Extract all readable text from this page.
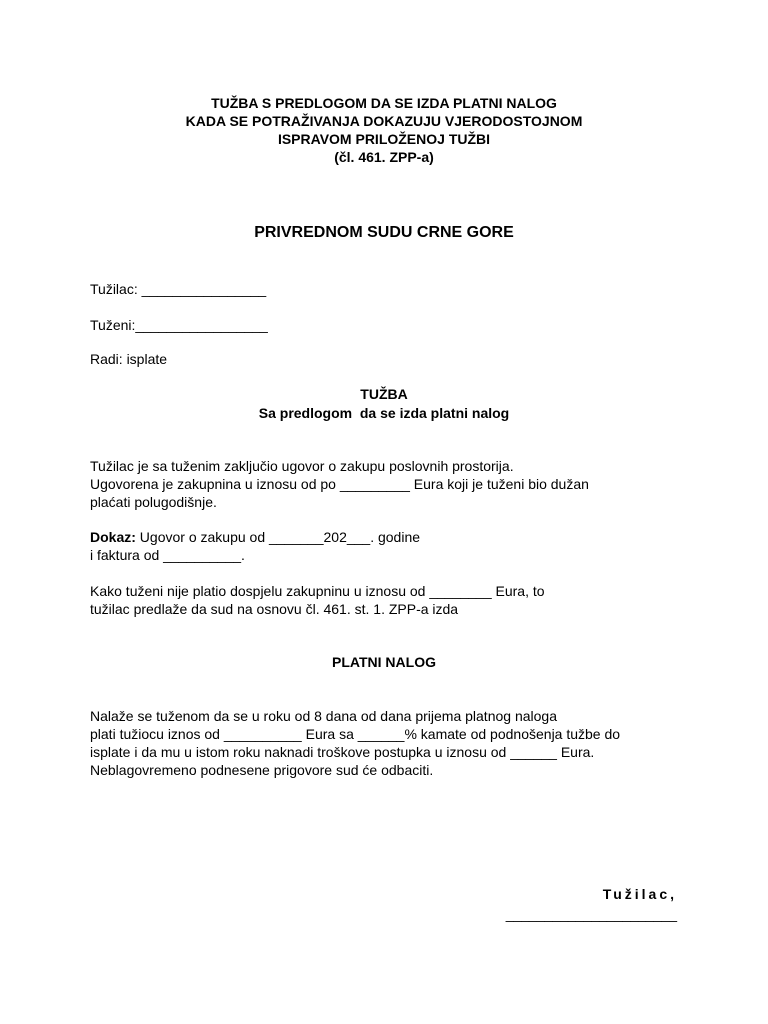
TUŽBA S PREDLOGOM DA SE IZDA PLATNI NALOG
KADA SE POTRAŽIVANJA DOKAZUJU VJERODOSTOJNOM
ISPRAVOM PRILOŽENOJ TUŽBI
(čl. 461. ZPP-a)
PRIVREDNOM SUDU CRNE GORE
Tužilac: ________________
Tuženi:_________________
Radi: isplate
TUŽBA
Sa predlogom  da se izda platni nalog
Tužilac je sa tuženim zaključio ugovor o zakupu poslovnih prostorija.
Ugovorena je zakupnina u iznosu od po _________ Eura koji je tuženi bio dužan
plaćati polugodišnje.
Dokaz: Ugovor o zakupu od _______202___. godine
i faktura od __________.
Kako tuženi nije platio dospjelu zakupninu u iznosu od ________ Eura, to
tužilac predlaže da sud na osnovu čl. 461. st. 1. ZPP-a izda
PLATNI NALOG
Nalaže se tuženom da se u roku od 8 dana od dana prijema platnog naloga
plati tužiocu iznos od __________ Eura sa ______% kamate od podnošenja tužbe do
isplate i da mu u istom roku naknadi troškove postupka u iznosu od ______ Eura.
Neblagovremeno podnesene prigovore sud će odbaciti.
Tužilac,
______________________
